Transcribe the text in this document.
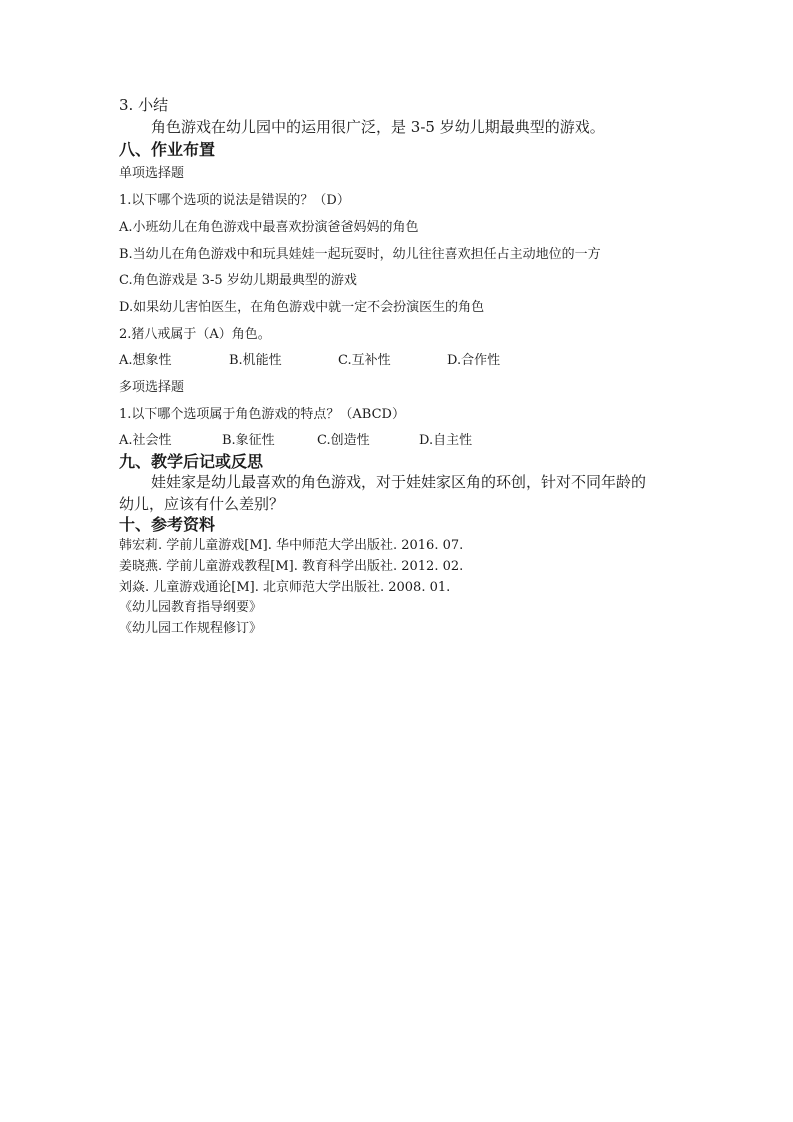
3. 小结
角色游戏在幼儿园中的运用很广泛，是 3-5 岁幼儿期最典型的游戏。
八、作业布置
单项选择题
1.以下哪个选项的说法是错误的？（D）
A.小班幼儿在角色游戏中最喜欢扮演爸爸妈妈的角色
B.当幼儿在角色游戏中和玩具娃娃一起玩耍时，幼儿往往喜欢担任占主动地位的一方
C.角色游戏是 3-5 岁幼儿期最典型的游戏
D.如果幼儿害怕医生，在角色游戏中就一定不会扮演医生的角色
2.猪八戒属于（A）角色。
A.想象性	B.机能性	C.互补性	D.合作性
多项选择题
1.以下哪个选项属于角色游戏的特点？（ABCD）
A.社会性	B.象征性	C.创造性	D.自主性
九、教学后记或反思
娃娃家是幼儿最喜欢的角色游戏，对于娃娃家区角的环创，针对不同年龄的
幼儿，应该有什么差别？
十、参考资料
韩宏莉. 学前儿童游戏[M]. 华中师范大学出版社. 2016. 07.
姜晓燕. 学前儿童游戏教程[M]. 教育科学出版社. 2012. 02.
刘焱. 儿童游戏通论[M]. 北京师范大学出版社. 2008. 01.
《幼儿园教育指导纲要》
《幼儿园工作规程修订》
